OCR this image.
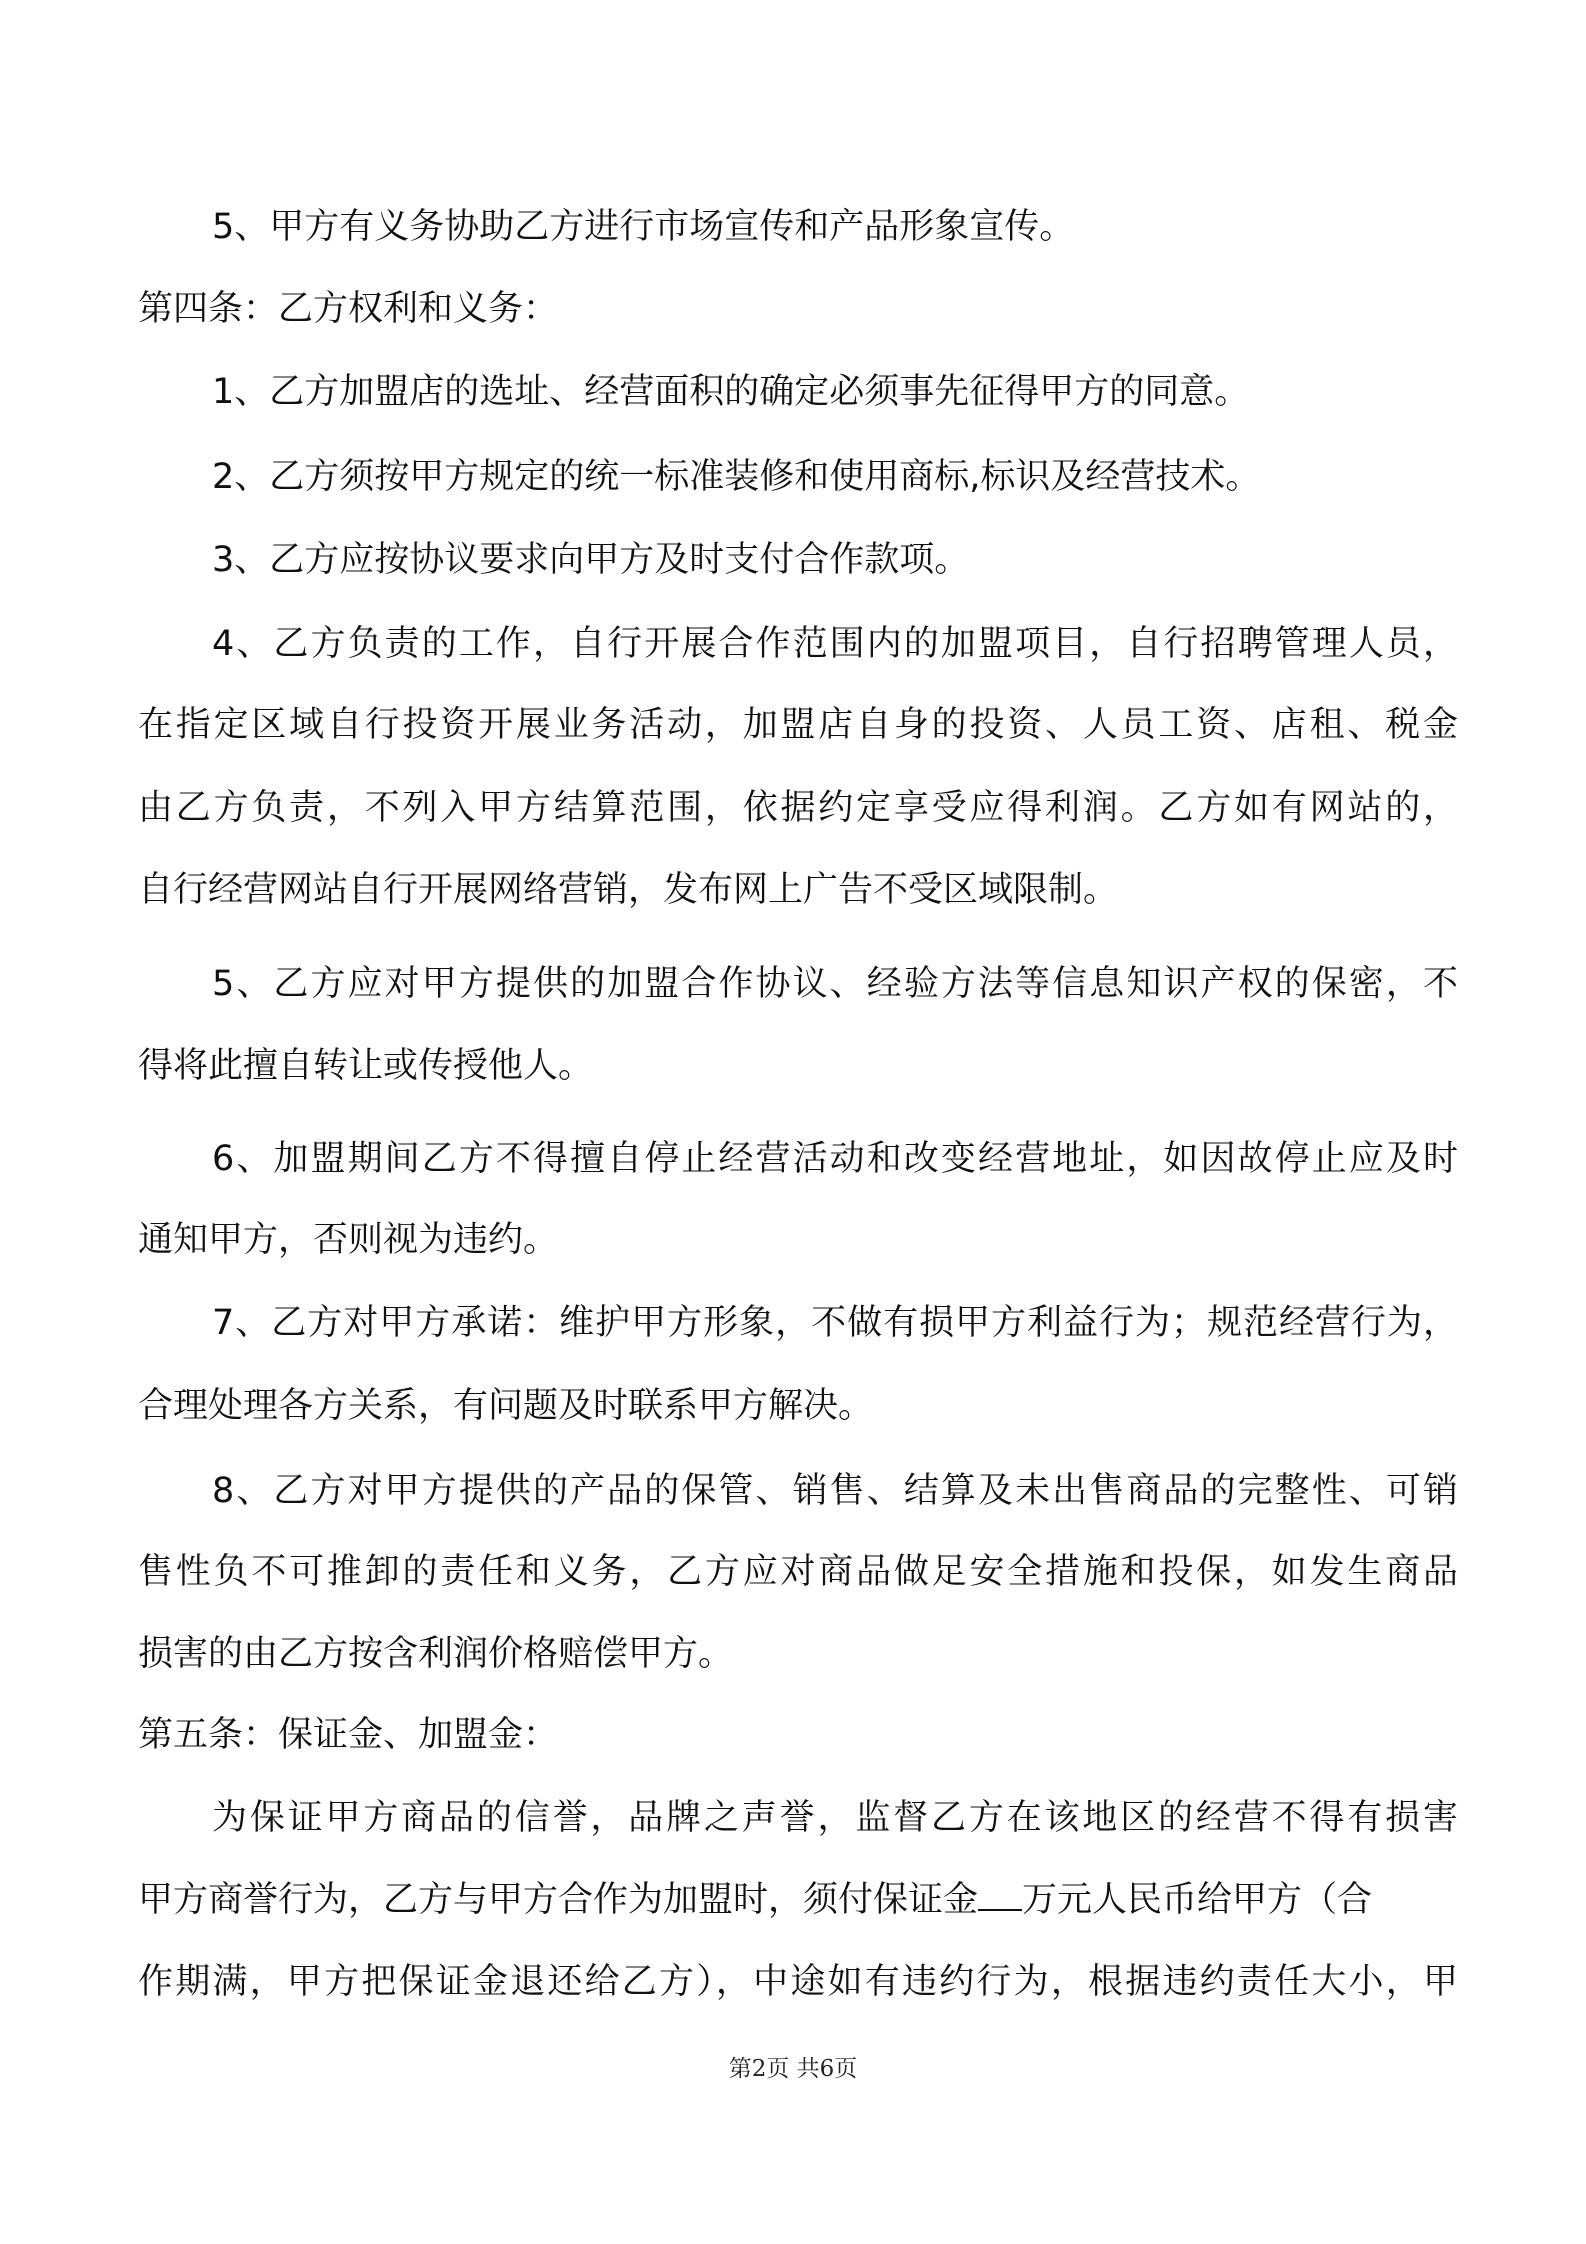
5、甲方有义务协助乙方进行市场宣传和产品形象宣传。
第四条：乙方权利和义务：
1、乙方加盟店的选址、经营面积的确定必须事先征得甲方的同意。
2、乙方须按甲方规定的统一标准装修和使用商标,标识及经营技术。
3、乙方应按协议要求向甲方及时支付合作款项。
4、乙方负责的工作，自行开展合作范围内的加盟项目，自行招聘管理人员，
在指定区域自行投资开展业务活动，加盟店自身的投资、人员工资、店租、税金
由乙方负责，不列入甲方结算范围，依据约定享受应得利润。乙方如有网站的，
自行经营网站自行开展网络营销，发布网上广告不受区域限制。
5、乙方应对甲方提供的加盟合作协议、经验方法等信息知识产权的保密，不
得将此擅自转让或传授他人。
6、加盟期间乙方不得擅自停止经营活动和改变经营地址，如因故停止应及时
通知甲方，否则视为违约。
7、乙方对甲方承诺：维护甲方形象，不做有损甲方利益行为；规范经营行为，
合理处理各方关系，有问题及时联系甲方解决。
8、乙方对甲方提供的产品的保管、销售、结算及未出售商品的完整性、可销
售性负不可推卸的责任和义务，乙方应对商品做足安全措施和投保，如发生商品
损害的由乙方按含利润价格赔偿甲方。
第五条：保证金、加盟金：
为保证甲方商品的信誉，品牌之声誉，监督乙方在该地区的经营不得有损害
甲方商誉行为，乙方与甲方合作为加盟时，须付保证金 万元人民币给甲方（合
作期满，甲方把保证金退还给乙方），中途如有违约行为，根据违约责任大小，甲
第2页 共6页
